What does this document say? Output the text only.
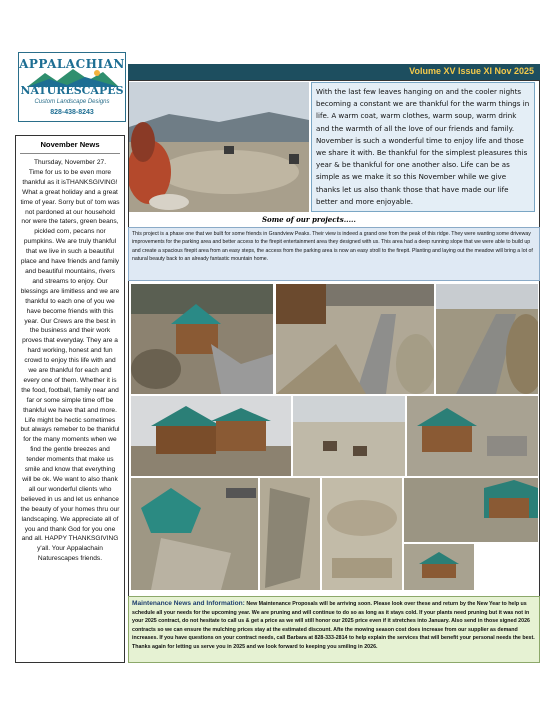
APPALACHIAN
NATURESCAPES
Custom Landscape Designs
828-438-8243
November News
Thursday, November 27.
Time for us to be even more thankful as it isTHANKSGIVING! What a great holiday and a great time of year. Sorry but ol' tom was not pardoned at our household nor were the taters, green beans, pickled corn, pecans nor pumpkins. We are truly thankful that we live in such a beautiful place and have friends and family and beautiful mountains, rivers and streams to enjoy. Our blessings are limitless and we are thankful to each one of you we have become friends with this year. Our Crews are the best in the business and their work proves that everyday. They are a hard working, honest and fun crowd to enjoy this life with and we are thankful for each and every one of them. Whether it is the food, football, family near and far or some simple time off be thankful we have that and more. Life might be hectic sometimes but always remeber to be thankful for the many moments when we find the gentle breezes and tender moments that make us smile and know that everything will be ok. We want to also thank all our wonderful clients who believed in us and let us enhance the beauty of your homes thru our landscaping. We appreciate all of you and thank God for you one and all. HAPPY THANKSGIVING y'all. Your Appalachain Naturescapes friends.
Volume XV Issue XI Nov 2025
With the last few leaves hanging on and the cooler nights becoming a constant we are thankful for the warm things in life. A warm coat, warm clothes, warm soup, warm drink and the warmth of all the love of our friends and family. November is such a wonderful time to enjoy life and those we share it with. Be thankful for the simplest pleasures this year & be thankful for one another also. Life can be as simple as we make it so this November while we give thanks let us also thank those that have made our life better and more enjoyable.
Some of our projects.....
This project is a phase one that we built for some friends in Grandview Peaks. Their view is indeed a grand one from the peak of this ridge. They were wanting some driveway improvements for the parking area and better access to the firepit entertainment area they designed with us. This area had a deep running slope that we were able to build up and create a spacious firepit area from an easy steps, the access from the parking area is now an easy stroll to the firepit. Planting and laying out the meadow will bring a lot of natural beauty back to an already fantastic mountain home.
Maintenance News and Information: New Maintenance Proposals will be arriving soon. Please look over these and return by the New Year to help us schedule all your needs for the upcoming year. We are pruning and will continue to do so as long as it stays cold. If your plants need pruning but it was not in your 2025 contract, do not hesitate to call us & get a price as we will still honor our 2025 price even if it stretches into January. Also send in those signed 2026 contracts so we can ensure the mulching prices stay at the estimated discount. Afte the mowing season cost does increase from our supplier as demand increases. If you have questions on your contract needs, call Barbara at 828-333-2814 to help explain the services that will benefit your personal needs the best. Thanks again for letting us serve you in 2025 and we look forward to keeping you smiling in 2026.
